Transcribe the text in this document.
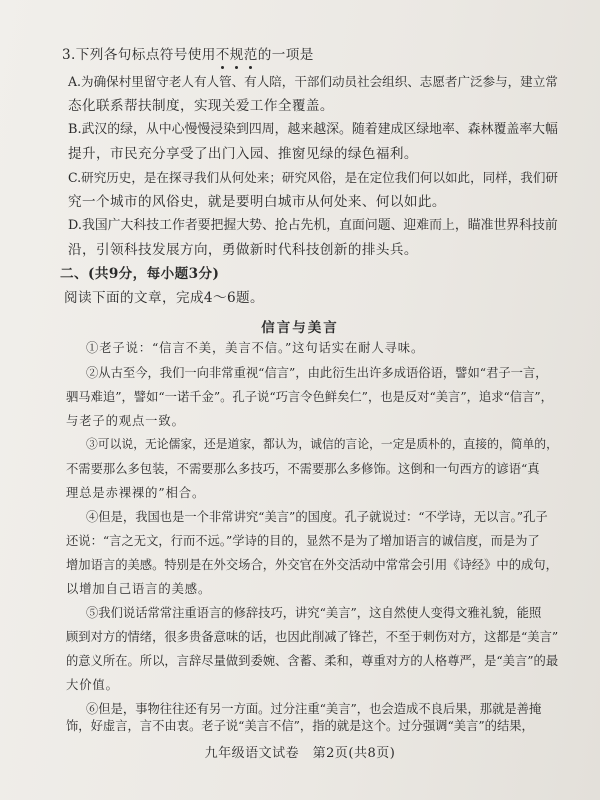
3.下列各句标点符号使用不规范的一项是
A.为确保村里留守老人有人管、有人陪，干部们动员社会组织、志愿者广泛参与，建立常
态化联系帮扶制度，实现关爱工作全覆盖。
B.武汉的绿，从中心慢慢浸染到四周，越来越深。随着建成区绿地率、森林覆盖率大幅
提升，市民充分享受了出门入园、推窗见绿的绿色福利。
C.研究历史，是在探寻我们从何处来；研究风俗，是在定位我们何以如此，同样，我们研
究一个城市的风俗史，就是要明白城市从何处来、何以如此。
D.我国广大科技工作者要把握大势、抢占先机，直面问题、迎难而上，瞄准世界科技前
沿，引领科技发展方向，勇做新时代科技创新的排头兵。
二、(共9分，每小题3分)
阅读下面的文章，完成4～6题。
信言与美言
①老子说：“信言不美，美言不信。”这句话实在耐人寻味。
②从古至今，我们一向非常重视“信言”，由此衍生出许多成语俗语，譬如“君子一言，
驷马难追”，譬如“一诺千金”。孔子说“巧言令色鲜矣仁”，也是反对“美言”，追求“信言”，
与老子的观点一致。
③可以说，无论儒家，还是道家，都认为，诚信的言论，一定是质朴的，直接的，简单的，
不需要那么多包装，不需要那么多技巧，不需要那么多修饰。这倒和一句西方的谚语“真
理总是赤裸裸的”相合。
④但是，我国也是一个非常讲究“美言”的国度。孔子就说过：“不学诗，无以言。”孔子
还说：“言之无文，行而不远。”学诗的目的，显然不是为了增加语言的诚信度，而是为了
增加语言的美感。特别是在外交场合，外交官在外交活动中常常会引用《诗经》中的成句，
以增加自己语言的美感。
⑤我们说话常常注重语言的修辞技巧，讲究“美言”，这自然使人变得文雅礼貌，能照
顾到对方的情绪，很多贵备意味的话，也因此削减了锋芒，不至于刺伤对方，这都是“美言”
的意义所在。所以，言辞尽量做到委婉、含蓄、柔和，尊重对方的人格尊严，是“美言”的最
大价值。
⑥但是，事物往往还有另一方面。过分注重“美言”，也会造成不良后果，那就是善掩
饰，好虚言，言不由衷。老子说“美言不信”，指的就是这个。过分强调“美言”的结果，
九年级语文试卷　第2页(共8页)
